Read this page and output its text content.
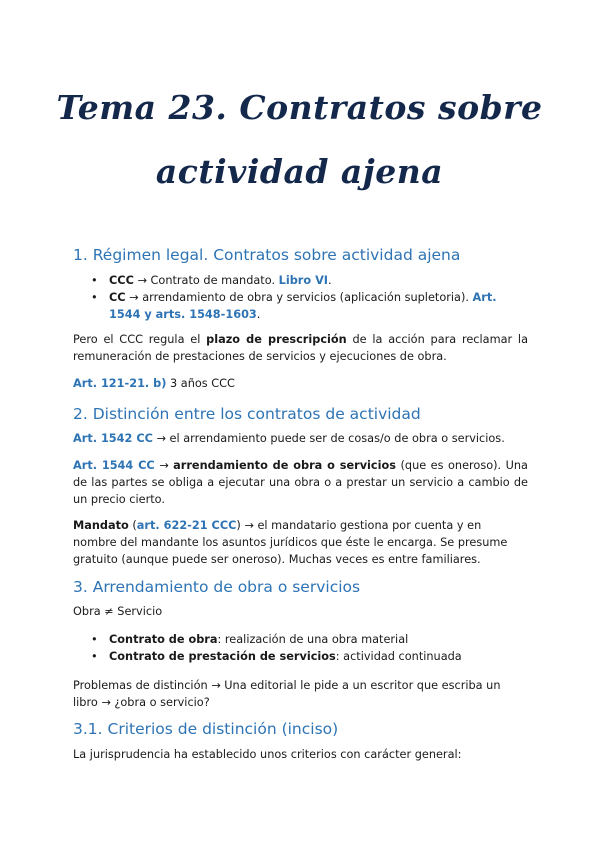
Tema 23. Contratos sobre
actividad ajena
1. Régimen legal. Contratos sobre actividad ajena
• CCC → Contrato de mandato. Libro VI.
• CC → arrendamiento de obra y servicios (aplicación supletoria). Art. 1544 y arts. 1548-1603.

Pero el CCC regula el plazo de prescripción de la acción para reclamar la remuneración de prestaciones de servicios y ejecuciones de obra.

Art. 121-21. b) 3 años CCC

2. Distinción entre los contratos de actividad

Art. 1542 CC → el arrendamiento puede ser de cosas/o de obra o servicios.

Art. 1544 CC → arrendamiento de obra o servicios (que es oneroso). Una de las partes se obliga a ejecutar una obra o a prestar un servicio a cambio de un precio cierto.

Mandato (art. 622-21 CCC) → el mandatario gestiona por cuenta y en nombre del mandante los asuntos jurídicos que éste le encarga. Se presume gratuito (aunque puede ser oneroso). Muchas veces es entre familiares.

3. Arrendamiento de obra o servicios

Obra ≠ Servicio

• Contrato de obra: realización de una obra material
• Contrato de prestación de servicios: actividad continuada

Problemas de distinción → Una editorial le pide a un escritor que escriba un libro → ¿obra o servicio?

3.1. Criterios de distinción (inciso)

La jurisprudencia ha establecido unos criterios con carácter general:
